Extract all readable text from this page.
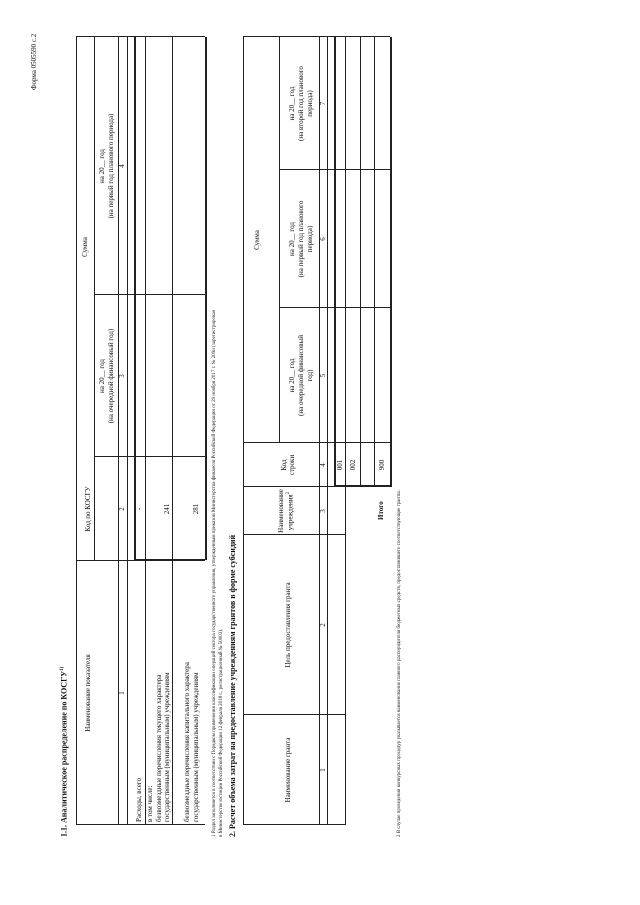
Форма 0505590 с.2
1.1. Аналитическое распределение по КОСГУ$^{1)}$	Наименование показателя
Код по КОСГУ
Сумма
на 20__ год (на очередной финансовый год)
на 20__ год (на первый год планового периода)
1
2
3
4
Расходы, всего
-
в том числе: безвозмездные перечисления текущего характера государственным (муниципальным) учреждениям
241
безвозмездные перечисления капитального характера государственным (муниципальным) учреждениям
281 1 Раздел заполняется в соответствии с Порядком применения классификации операций сектора государственного управления, утвержденным приказом Министерства финансов Российской Федерации от 29 ноября 2017 г. № 209н (зарегистрирован в Министерстве юстиции Российской Федерации 12 февраля 2018 г., регистрационный № 50003). 2. Расчет объема затрат на предоставление учреждениям грантов в форме субсидий	Наименование гранта
Цель предоставления гранта
Наименование учреждения$^2$
Код строки
Сумма
на 20__ год (на очередной финансовый год)
на 20__ год (на первый год планового периода)
на 20__ год (на второй год планового периода)
1
2
3
4
5
6
7
001 002
Итого
900
2 В случае проведения конкурсных процедур указывается наименование главного распорядителя бюджетных средств, предоставившего соответствующие гранты.
